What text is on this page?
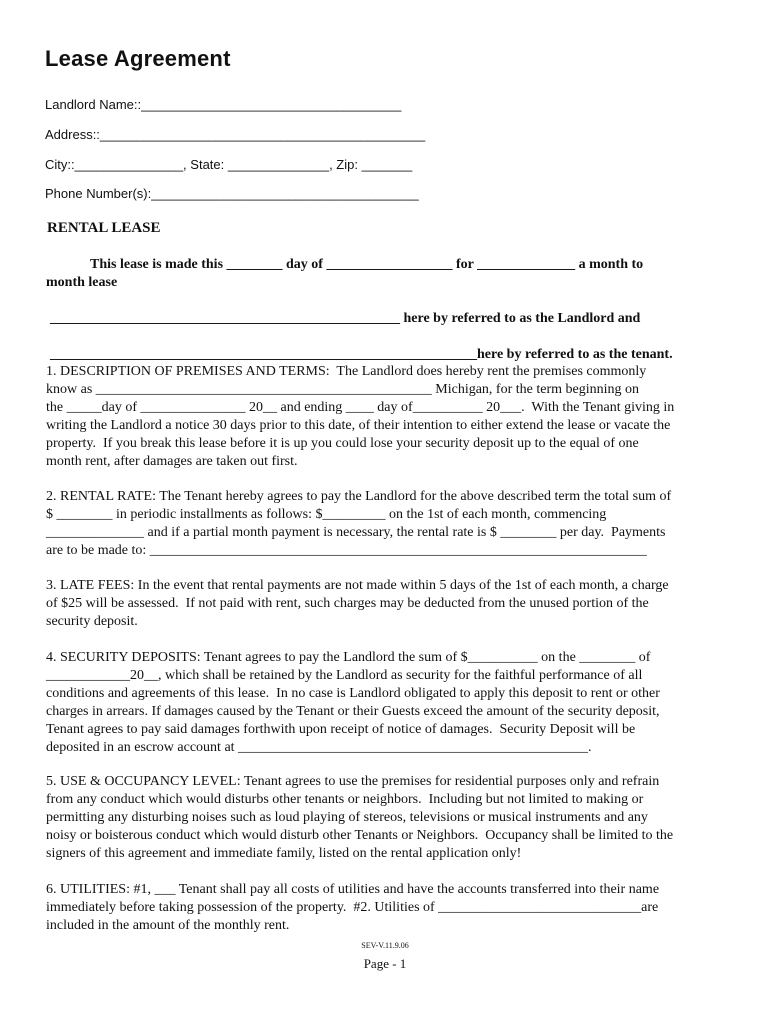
Lease Agreement
Landlord Name::____________________________________
Address::_____________________________________________
City::_______________, State: ______________, Zip: _______
Phone Number(s):_____________________________________
RENTAL LEASE
This lease is made this ________ day of __________________ for ______________ a month to
month lease
__________________________________________________ here by referred to as the Landlord and
_____________________________________________________________here by referred to as the tenant.

1. DESCRIPTION OF PREMISES AND TERMS:  The Landlord does hereby rent the premises commonly

know as ________________________________________________ Michigan, for the term beginning on

the _____day of _______________ 20__ and ending ____ day of__________ 20___.  With the Tenant giving in

writing the Landlord a notice 30 days prior to this date, of their intention to either extend the lease or vacate the

property.  If you break this lease before it is up you could lose your security deposit up to the equal of one

month rent, after damages are taken out first.

2. RENTAL RATE: The Tenant hereby agrees to pay the Landlord for the above described term the total sum of

$ ________ in periodic installments as follows: $_________ on the 1st of each month, commencing

______________ and if a partial month payment is necessary, the rental rate is $ ________ per day.  Payments

are to be made to: _______________________________________________________________________

3. LATE FEES: In the event that rental payments are not made within 5 days of the 1st of each month, a charge

of $25 will be assessed.  If not paid with rent, such charges may be deducted from the unused portion of the

security deposit.

4. SECURITY DEPOSITS: Tenant agrees to pay the Landlord the sum of $__________ on the ________ of

____________20__, which shall be retained by the Landlord as security for the faithful performance of all

conditions and agreements of this lease.  In no case is Landlord obligated to apply this deposit to rent or other

charges in arrears. If damages caused by the Tenant or their Guests exceed the amount of the security deposit,

Tenant agrees to pay said damages forthwith upon receipt of notice of damages.  Security Deposit will be

deposited in an escrow account at __________________________________________________.

5. USE & OCCUPANCY LEVEL: Tenant agrees to use the premises for residential purposes only and refrain

from any conduct which would disturbs other tenants or neighbors.  Including but not limited to making or

permitting any disturbing noises such as loud playing of stereos, televisions or musical instruments and any

noisy or boisterous conduct which would disturb other Tenants or Neighbors.  Occupancy shall be limited to the

signers of this agreement and immediate family, listed on the rental application only!

6. UTILITIES: #1, ___ Tenant shall pay all costs of utilities and have the accounts transferred into their name

immediately before taking possession of the property.  #2. Utilities of _____________________________are

included in the amount of the monthly rent.

SEV-V.11.9.06
Page - 1
